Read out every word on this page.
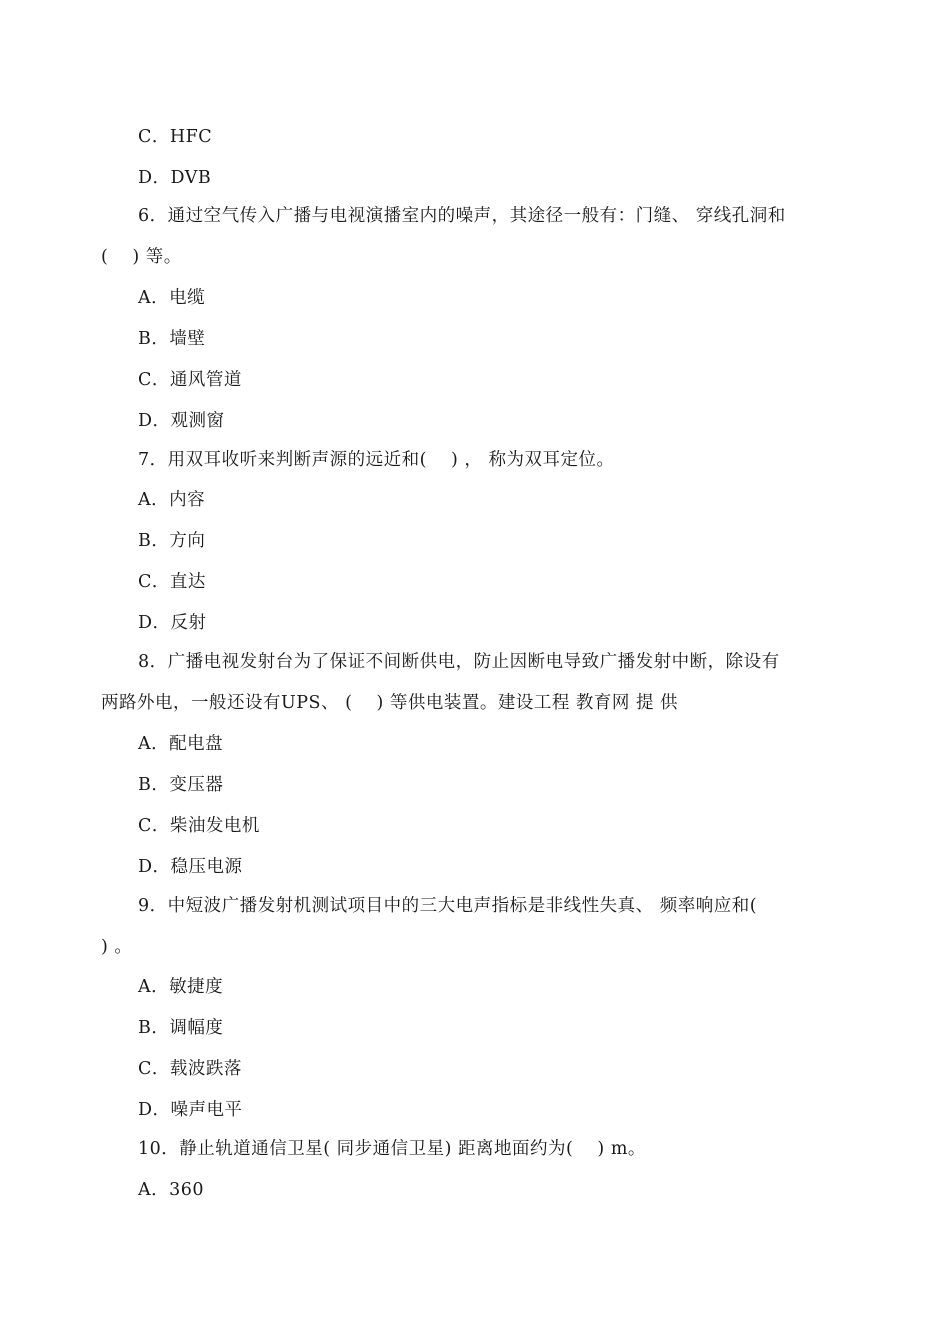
C．HFC
D．DVB
6．通过空气传入广播与电视演播室内的噪声，其途径一般有：门缝、 穿线孔洞和
(　 ) 等。
A．电缆
B．墙壁
C．通风管道
D．观测窗
7．用双耳收听来判断声源的远近和(　 ) ， 称为双耳定位。
A．内容
B．方向
C．直达
D．反射
8．广播电视发射台为了保证不间断供电，防止因断电导致广播发射中断，除设有
两路外电，一般还设有UPS、 (　 ) 等供电装置。建设工程 教育网 提 供
A．配电盘
B．变压器
C．柴油发电机
D．稳压电源
9．中短波广播发射机测试项目中的三大电声指标是非线性失真、 频率响应和(
) 。
A．敏捷度
B．调幅度
C．载波跌落
D．噪声电平
10．静止轨道通信卫星( 同步通信卫星) 距离地面约为(　 ) m。
A．360
